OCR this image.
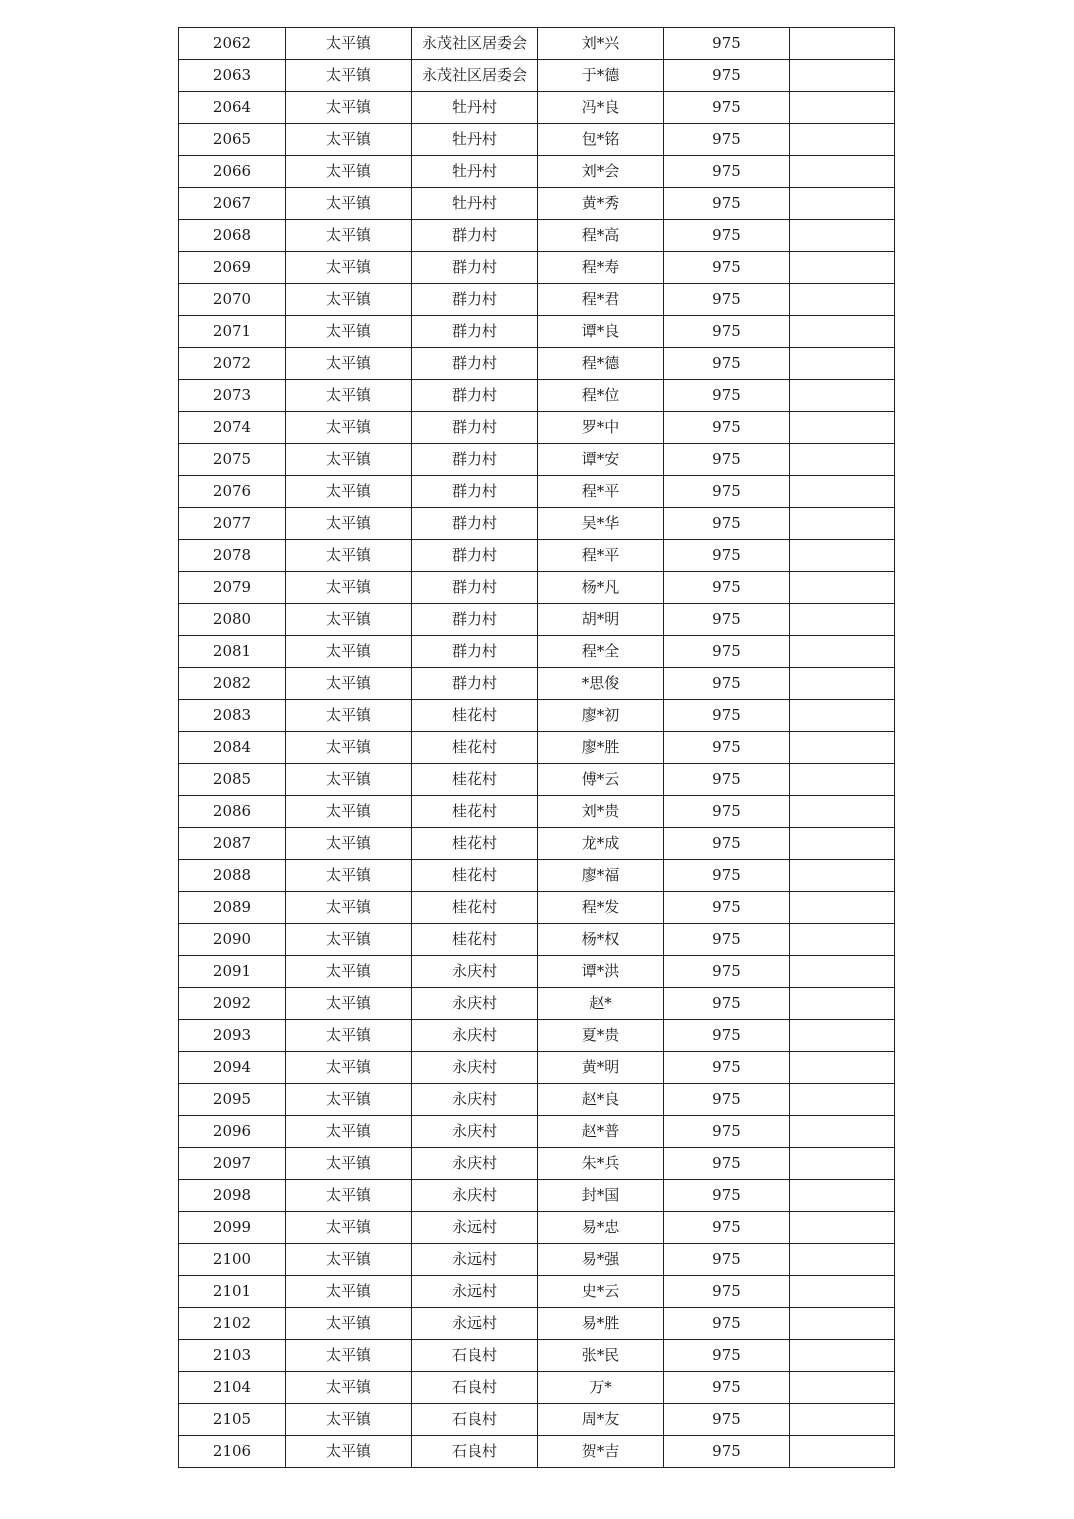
2062	太平镇	永茂社区居委会	刘*兴	975	
2063	太平镇	永茂社区居委会	于*德	975	
2064	太平镇	牡丹村	冯*良	975	
2065	太平镇	牡丹村	包*铭	975	
2066	太平镇	牡丹村	刘*会	975	
2067	太平镇	牡丹村	黄*秀	975	
2068	太平镇	群力村	程*高	975	
2069	太平镇	群力村	程*寿	975	
2070	太平镇	群力村	程*君	975	
2071	太平镇	群力村	谭*良	975	
2072	太平镇	群力村	程*德	975	
2073	太平镇	群力村	程*位	975	
2074	太平镇	群力村	罗*中	975	
2075	太平镇	群力村	谭*安	975	
2076	太平镇	群力村	程*平	975	
2077	太平镇	群力村	吴*华	975	
2078	太平镇	群力村	程*平	975	
2079	太平镇	群力村	杨*凡	975	
2080	太平镇	群力村	胡*明	975	
2081	太平镇	群力村	程*全	975	
2082	太平镇	群力村	*思俊	975	
2083	太平镇	桂花村	廖*初	975	
2084	太平镇	桂花村	廖*胜	975	
2085	太平镇	桂花村	傅*云	975	
2086	太平镇	桂花村	刘*贵	975	
2087	太平镇	桂花村	龙*成	975	
2088	太平镇	桂花村	廖*福	975	
2089	太平镇	桂花村	程*发	975	
2090	太平镇	桂花村	杨*权	975	
2091	太平镇	永庆村	谭*洪	975	
2092	太平镇	永庆村	赵*	975	
2093	太平镇	永庆村	夏*贵	975	
2094	太平镇	永庆村	黄*明	975	
2095	太平镇	永庆村	赵*良	975	
2096	太平镇	永庆村	赵*普	975	
2097	太平镇	永庆村	朱*兵	975	
2098	太平镇	永庆村	封*国	975	
2099	太平镇	永远村	易*忠	975	
2100	太平镇	永远村	易*强	975	
2101	太平镇	永远村	史*云	975	
2102	太平镇	永远村	易*胜	975	
2103	太平镇	石良村	张*民	975	
2104	太平镇	石良村	万*	975	
2105	太平镇	石良村	周*友	975	
2106	太平镇	石良村	贺*吉	975	
